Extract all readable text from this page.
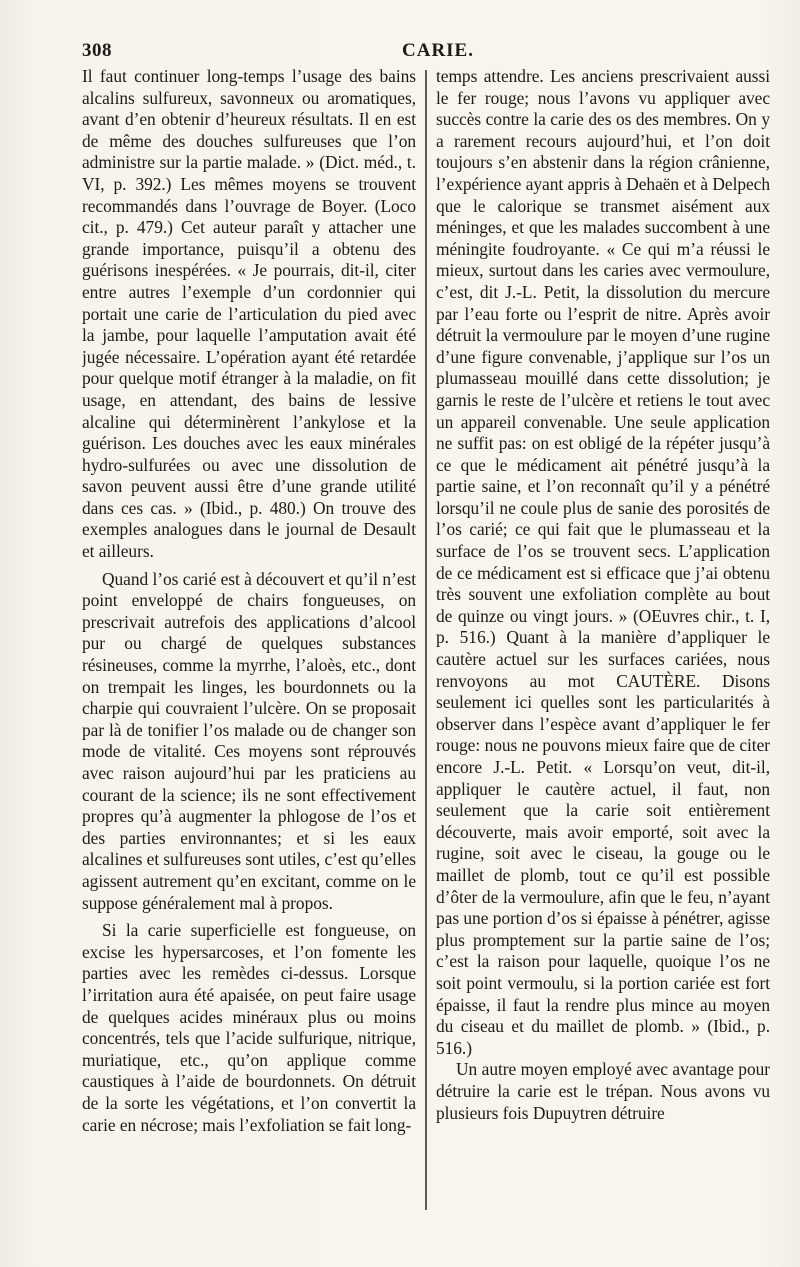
308	CARIE.

Il faut continuer long-temps l’usage des bains alcalins sulfureux, savonneux ou aromatiques, avant d’en obtenir d’heureux résultats. Il en est de même des douches sulfureuses que l’on administre sur la partie malade. » (Dict. méd., t. VI, p. 392.) Les mêmes moyens se trouvent recommandés dans l’ouvrage de Boyer. (Loco cit., p. 479.) Cet auteur paraît y attacher une grande importance, puisqu’il a obtenu des guérisons inespérées. « Je pourrais, dit-il, citer entre autres l’exemple d’un cordonnier qui portait une carie de l’articulation du pied avec la jambe, pour laquelle l’amputation avait été jugée nécessaire. L’opération ayant été retardée pour quelque motif étranger à la maladie, on fit usage, en attendant, des bains de lessive alcaline qui déterminèrent l’ankylose et la guérison. Les douches avec les eaux minérales hydro-sulfurées ou avec une dissolution de savon peuvent aussi être d’une grande utilité dans ces cas. » (Ibid., p. 480.) On trouve des exemples analogues dans le journal de Desault et ailleurs.

Quand l’os carié est à découvert et qu’il n’est point enveloppé de chairs fongueuses, on prescrivait autrefois des applications d’alcool pur ou chargé de quelques substances résineuses, comme la myrrhe, l’aloès, etc., dont on trempait les linges, les bourdonnets ou la charpie qui couvraient l’ulcère. On se proposait par là de tonifier l’os malade ou de changer son mode de vitalité. Ces moyens sont réprouvés avec raison aujourd’hui par les praticiens au courant de la science; ils ne sont effectivement propres qu’à augmenter la phlogose de l’os et des parties environnantes; et si les eaux alcalines et sulfureuses sont utiles, c’est qu’elles agissent autrement qu’en excitant, comme on le suppose généralement mal à propos.

Si la carie superficielle est fongueuse, on excise les hypersarcoses, et l’on fomente les parties avec les remèdes ci-dessus. Lorsque l’irritation aura été apaisée, on peut faire usage de quelques acides minéraux plus ou moins concentrés, tels que l’acide sulfurique, nitrique, muriatique, etc., qu’on applique comme caustiques à l’aide de bourdonnets. On détruit de la sorte les végétations, et l’on convertit la carie en nécrose; mais l’exfoliation se fait long-

temps attendre. Les anciens prescrivaient aussi le fer rouge; nous l’avons vu appliquer avec succès contre la carie des os des membres. On y a rarement recours aujourd’hui, et l’on doit toujours s’en abstenir dans la région crânienne, l’expérience ayant appris à Dehaën et à Delpech que le calorique se transmet aisément aux méninges, et que les malades succombent à une méningite foudroyante. « Ce qui m’a réussi le mieux, surtout dans les caries avec vermoulure, c’est, dit J.-L. Petit, la dissolution du mercure par l’eau forte ou l’esprit de nitre. Après avoir détruit la vermoulure par le moyen d’une rugine d’une figure convenable, j’applique sur l’os un plumasseau mouillé dans cette dissolution; je garnis le reste de l’ulcère et retiens le tout avec un appareil convenable. Une seule application ne suffit pas: on est obligé de la répéter jusqu’à ce que le médicament ait pénétré jusqu’à la partie saine, et l’on reconnaît qu’il y a pénétré lorsqu’il ne coule plus de sanie des porosités de l’os carié; ce qui fait que le plumasseau et la surface de l’os se trouvent secs. L’application de ce médicament est si efficace que j’ai obtenu très souvent une exfoliation complète au bout de quinze ou vingt jours. » (OEuvres chir., t. I, p. 516.) Quant à la manière d’appliquer le cautère actuel sur les surfaces cariées, nous renvoyons au mot CAUTÈRE. Disons seulement ici quelles sont les particularités à observer dans l’espèce avant d’appliquer le fer rouge: nous ne pouvons mieux faire que de citer encore J.-L. Petit. « Lorsqu’on veut, dit-il, appliquer le cautère actuel, il faut, non seulement que la carie soit entièrement découverte, mais avoir emporté, soit avec la rugine, soit avec le ciseau, la gouge ou le maillet de plomb, tout ce qu’il est possible d’ôter de la vermoulure, afin que le feu, n’ayant pas une portion d’os si épaisse à pénétrer, agisse plus promptement sur la partie saine de l’os; c’est la raison pour laquelle, quoique l’os ne soit point vermoulu, si la portion cariée est fort épaisse, il faut la rendre plus mince au moyen du ciseau et du maillet de plomb. » (Ibid., p. 516.)

Un autre moyen employé avec avantage pour détruire la carie est le trépan. Nous avons vu plusieurs fois Dupuytren détruire
